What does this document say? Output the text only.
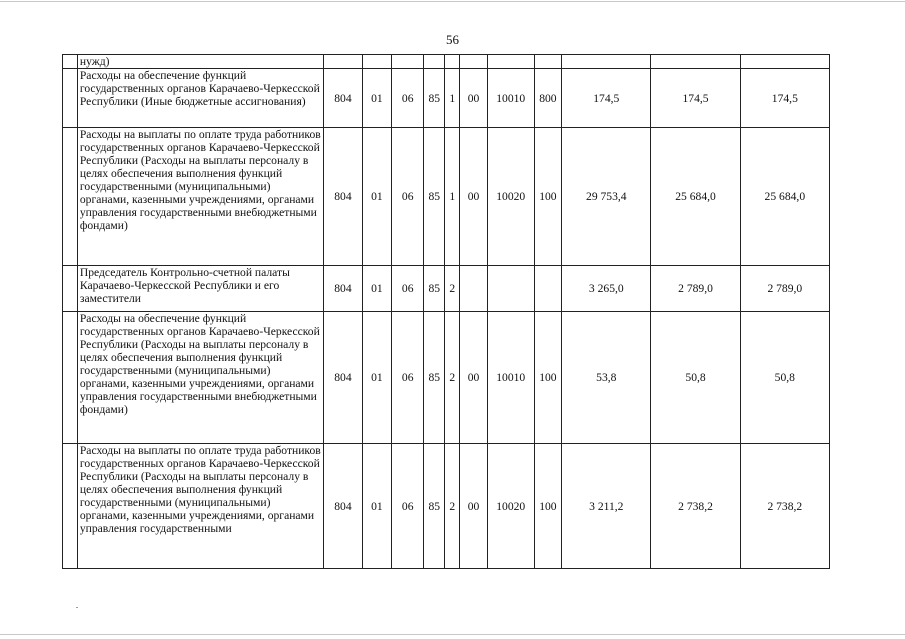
56
	нужд)											
	Расходы на обеспечение функций государственных органов Карачаево-Черкесской Республики (Иные бюджетные ассигнования)	804	01	06	85	1	00	10010	800	174,5	174,5	174,5
	Расходы на выплаты по оплате труда работников государственных органов Карачаево-Черкесской Республики (Расходы на выплаты персоналу в целях обеспечения выполнения функций государственными (муниципальными) органами, казенными учреждениями, органами управления государственными внебюджетными фондами)	804	01	06	85	1	00	10020	100	29 753,4	25 684,0	25 684,0
	Председатель Контрольно-счетной палаты Карачаево-Черкесской Республики и его заместители	804	01	06	85	2				3 265,0	2 789,0	2 789,0
	Расходы на обеспечение функций государственных органов Карачаево-Черкесской Республики (Расходы на выплаты персоналу в целях обеспечения выполнения функций государственными (муниципальными) органами, казенными учреждениями, органами управления государственными внебюджетными фондами)	804	01	06	85	2	00	10010	100	53,8	50,8	50,8
	Расходы на выплаты по оплате труда работников государственных органов Карачаево-Черкесской Республики (Расходы на выплаты персоналу в целях обеспечения выполнения функций государственными (муниципальными) органами, казенными учреждениями, органами управления государственными	804	01	06	85	2	00	10020	100	3 211,2	2 738,2	2 738,2
